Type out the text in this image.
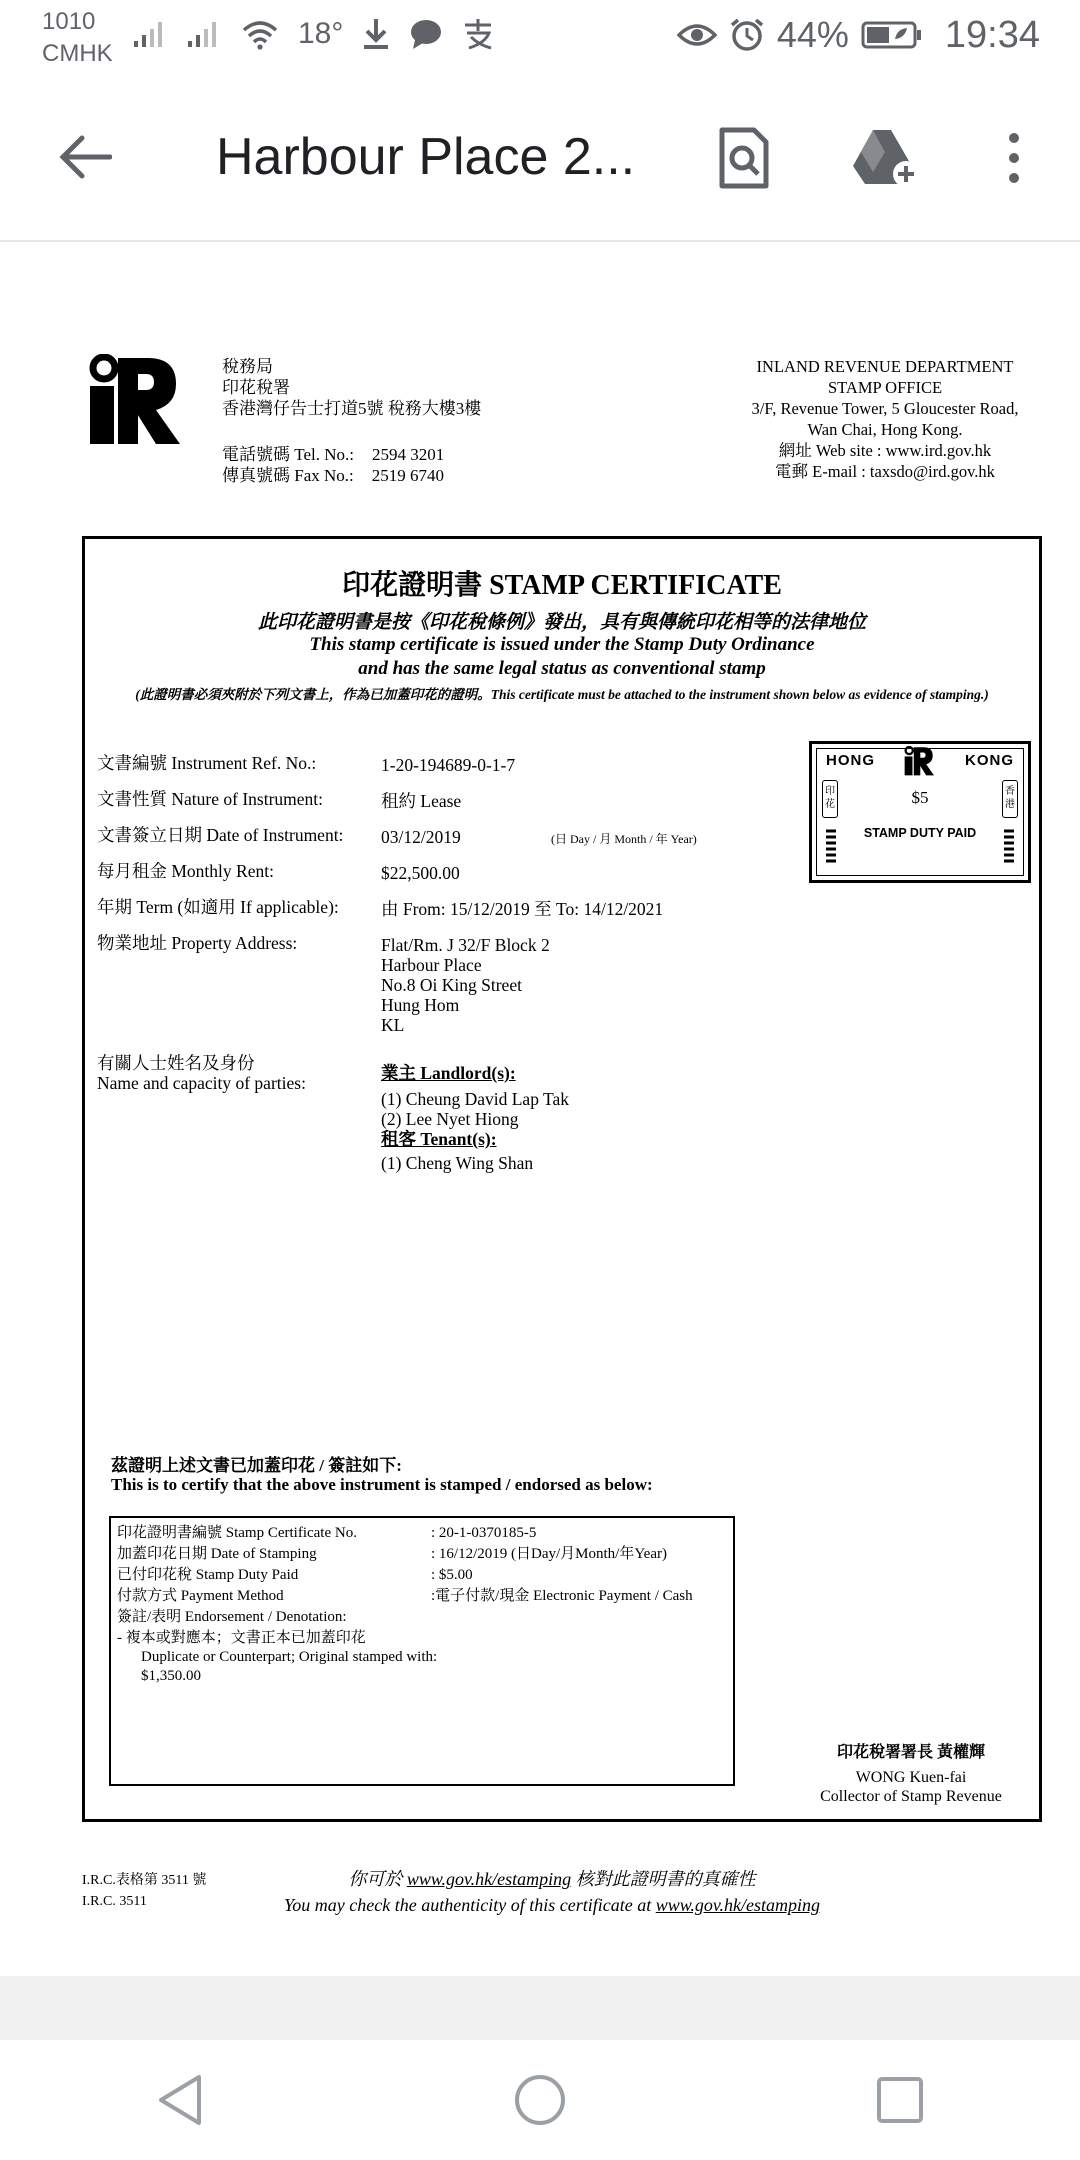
1010
CMHK
18°	44%	19:34
Harbour Place 2...
稅務局
印花稅署
香港灣仔告士打道5號 稅務大樓3樓
電話號碼 Tel. No.: 2594 3201
傳真號碼 Fax No.: 2519 6740
INLAND REVENUE DEPARTMENT
STAMP OFFICE
3/F, Revenue Tower, 5 Gloucester Road,
Wan Chai, Hong Kong.
網址 Web site : www.ird.gov.hk
電郵 E-mail : taxsdo@ird.gov.hk
印花證明書 STAMP CERTIFICATE
此印花證明書是按《印花稅條例》發出，具有與傳統印花相等的法律地位
This stamp certificate is issued under the Stamp Duty Ordinance
and has the same legal status as conventional stamp
(此證明書必須夾附於下列文書上，作為已加蓋印花的證明。This certificate must be attached to the instrument shown below as evidence of stamping.)
HONG	KONG
印花
香港
$5
STAMP DUTY PAID
文書編號 Instrument Ref. No.:	1-20-194689-0-1-7
文書性質 Nature of Instrument:	租約 Lease
文書簽立日期 Date of Instrument: 03/12/2019	(日 Day / 月 Month / 年 Year)
每月租金 Monthly Rent:	$22,500.00
年期 Term (如適用 If applicable): 由 From: 15/12/2019 至 To: 14/12/2021
物業地址 Property Address:	Flat/Rm. J 32/F Block 2
Harbour Place
No.8 Oi King Street
Hung Hom
KL
有關人士姓名及身份
Name and capacity of parties:	業主 Landlord(s):
(1) Cheung David Lap Tak
(2) Lee Nyet Hiong
租客 Tenant(s):
(1) Cheng Wing Shan
茲證明上述文書已加蓋印花 / 簽註如下:
This is to certify that the above instrument is stamped / endorsed as below:
印花證明書編號 Stamp Certificate No.	: 20-1-0370185-5
加蓋印花日期 Date of Stamping	: 16/12/2019 (日Day/月Month/年Year)
已付印花稅 Stamp Duty Paid	: $5.00
付款方式 Payment Method	:電子付款/現金 Electronic Payment / Cash
簽註/表明 Endorsement / Denotation:
- 複本或對應本；文書正本已加蓋印花
Duplicate or Counterpart; Original stamped with:
$1,350.00
印花稅署署長 黃權輝
WONG Kuen-fai
Collector of Stamp Revenue
I.R.C.表格第 3511 號
I.R.C. 3511
你可於 www.gov.hk/estamping 核對此證明書的真確性
You may check the authenticity of this certificate at www.gov.hk/estamping
